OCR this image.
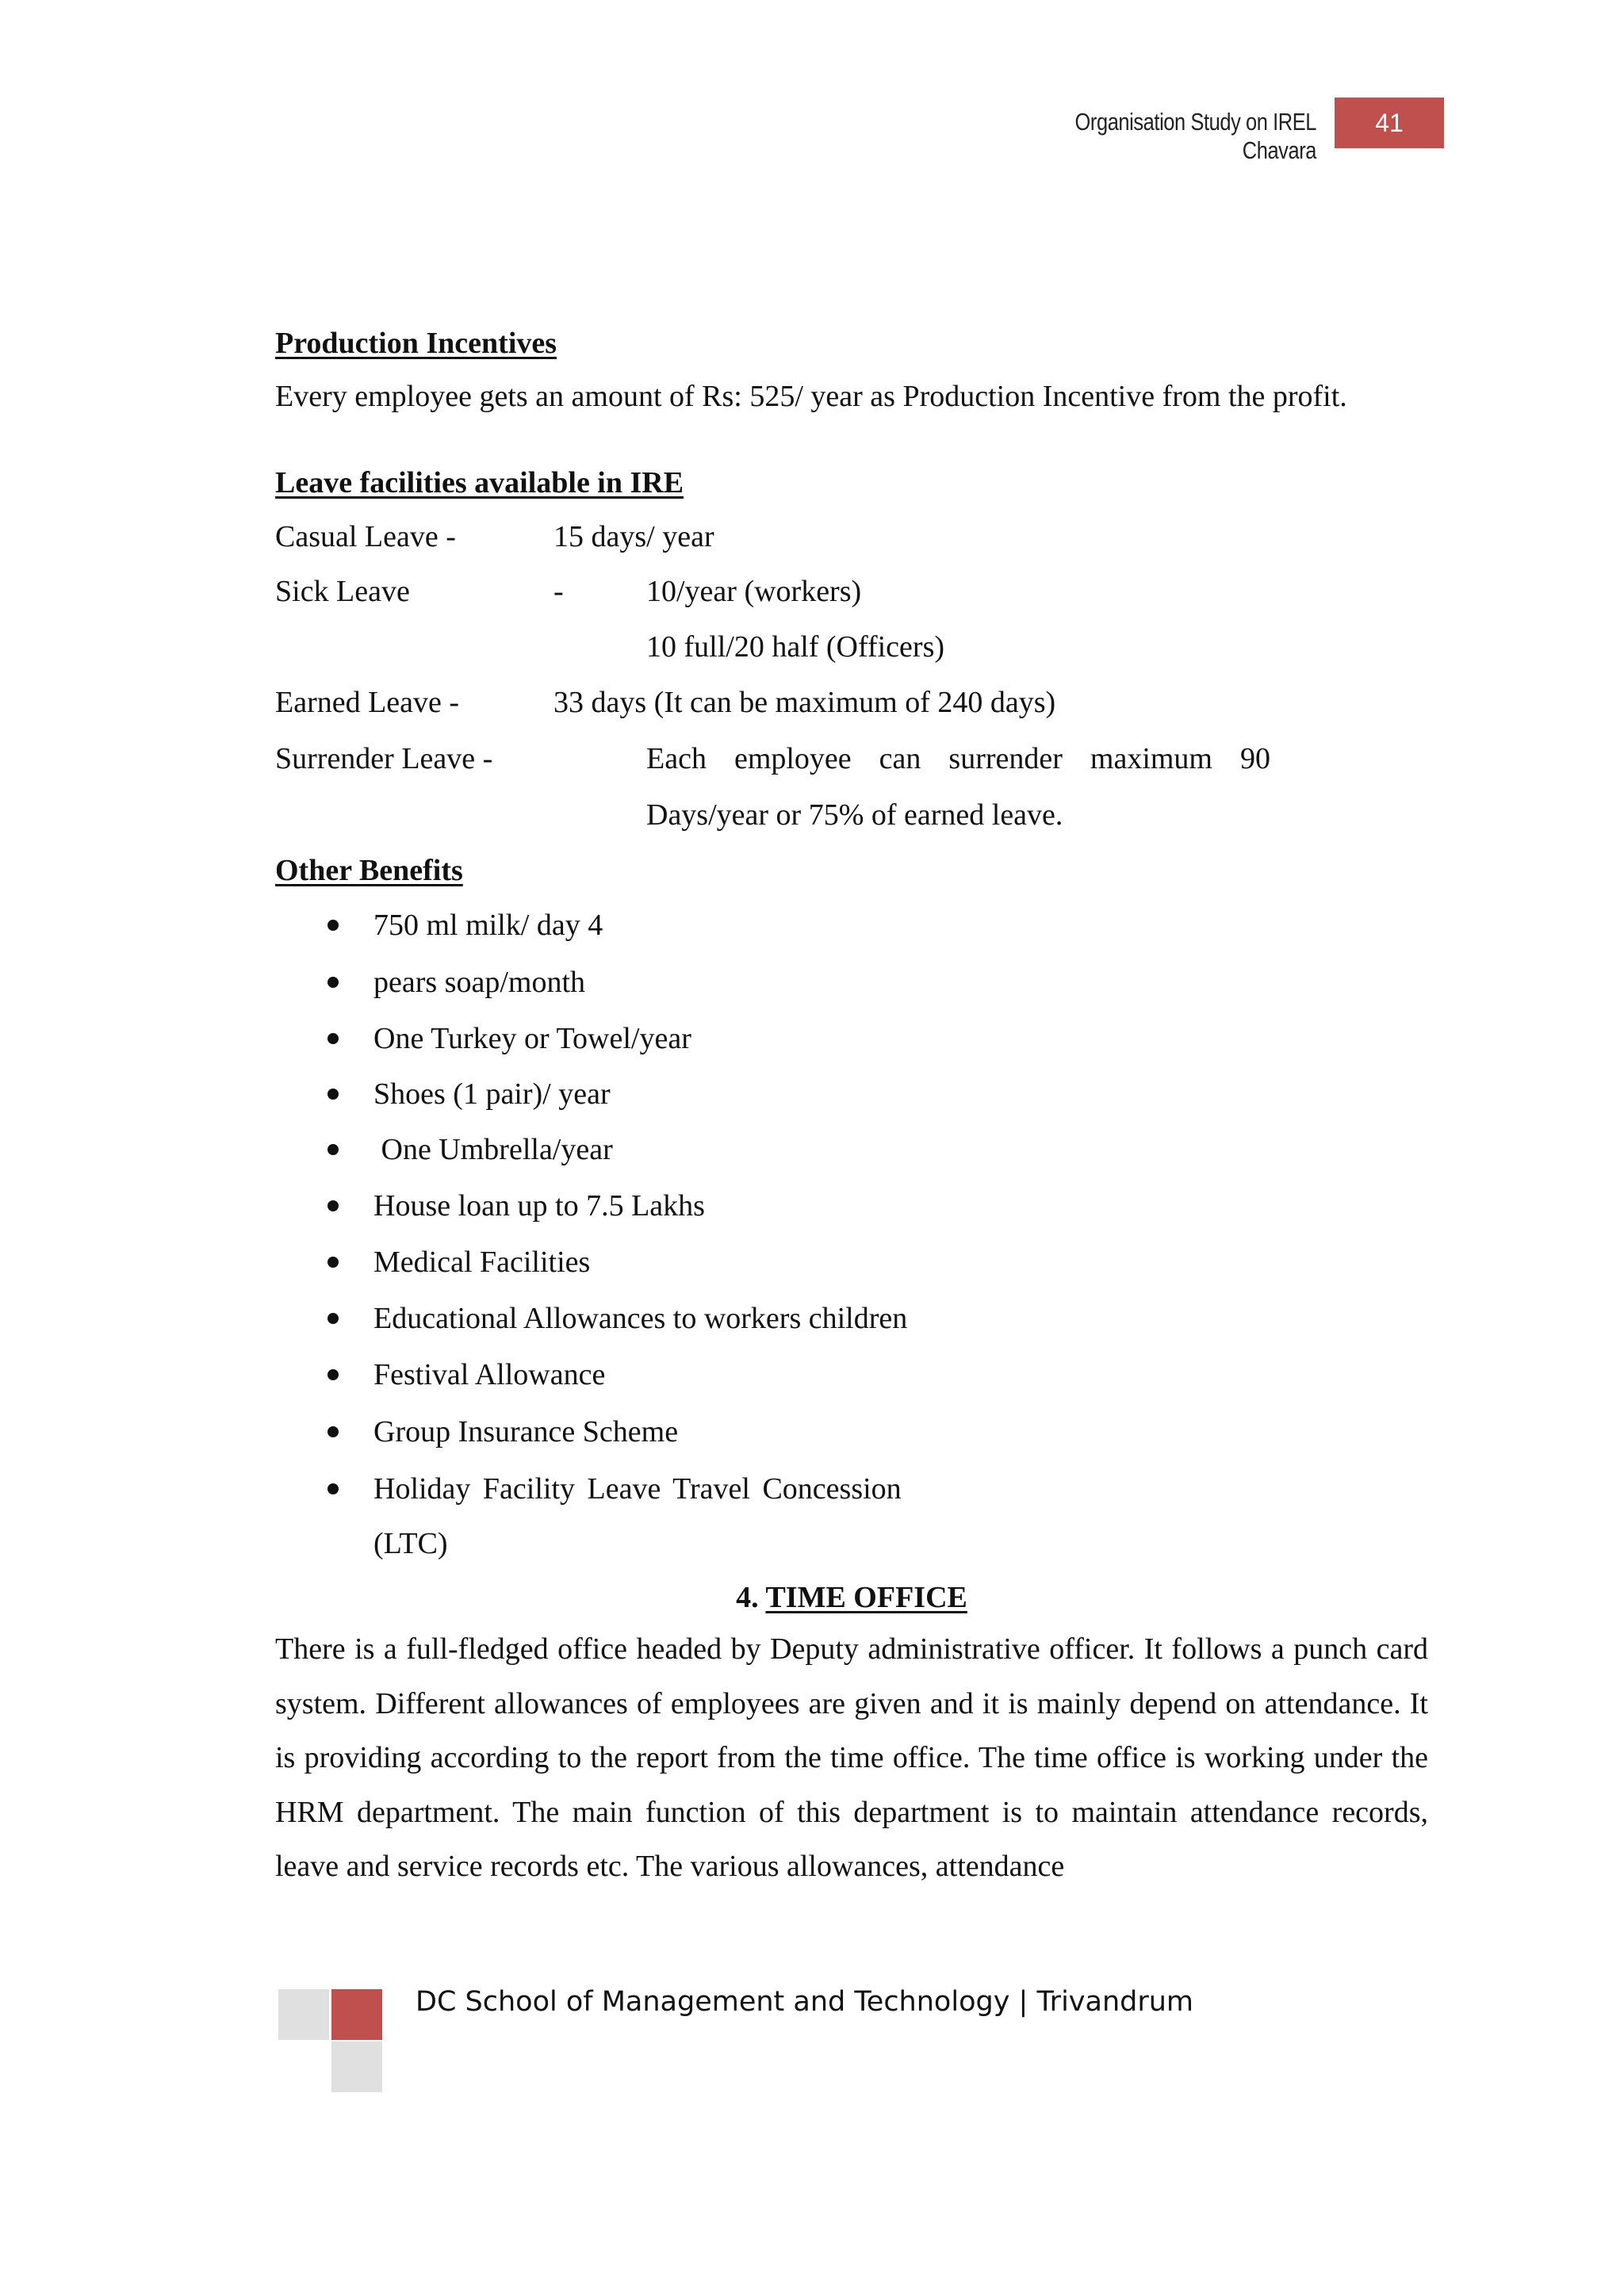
Organisation Study on IREL Chavara
41
Production Incentives
Every employee gets an amount of Rs: 525/ year as Production Incentive from the profit.
Leave facilities available in IRE
Casual Leave -	15 days/ year
Sick Leave	-	10/year (workers)
10 full/20 half (Officers)
Earned Leave -	33 days (It can be maximum of 240 days)
Surrender Leave -	Each employee can surrender maximum 90
Days/year or 75% of earned leave.
Other Benefits
750 ml milk/ day 4
pears soap/month
One Turkey or Towel/year
Shoes (1 pair)/ year
One Umbrella/year
House loan up to 7.5 Lakhs
Medical Facilities
Educational Allowances to workers children
Festival Allowance
Group Insurance Scheme
Holiday Facility Leave Travel Concession
(LTC)
4. TIME OFFICE
There is a full-fledged office headed by Deputy administrative officer. It follows a punch card system. Different allowances of employees are given and it is mainly depend on attendance. It is providing according to the report from the time office. The time office is working under the HRM department. The main function of this department is to maintain attendance records, leave and service records etc. The various allowances, attendance
DC School of Management and Technology | Trivandrum
